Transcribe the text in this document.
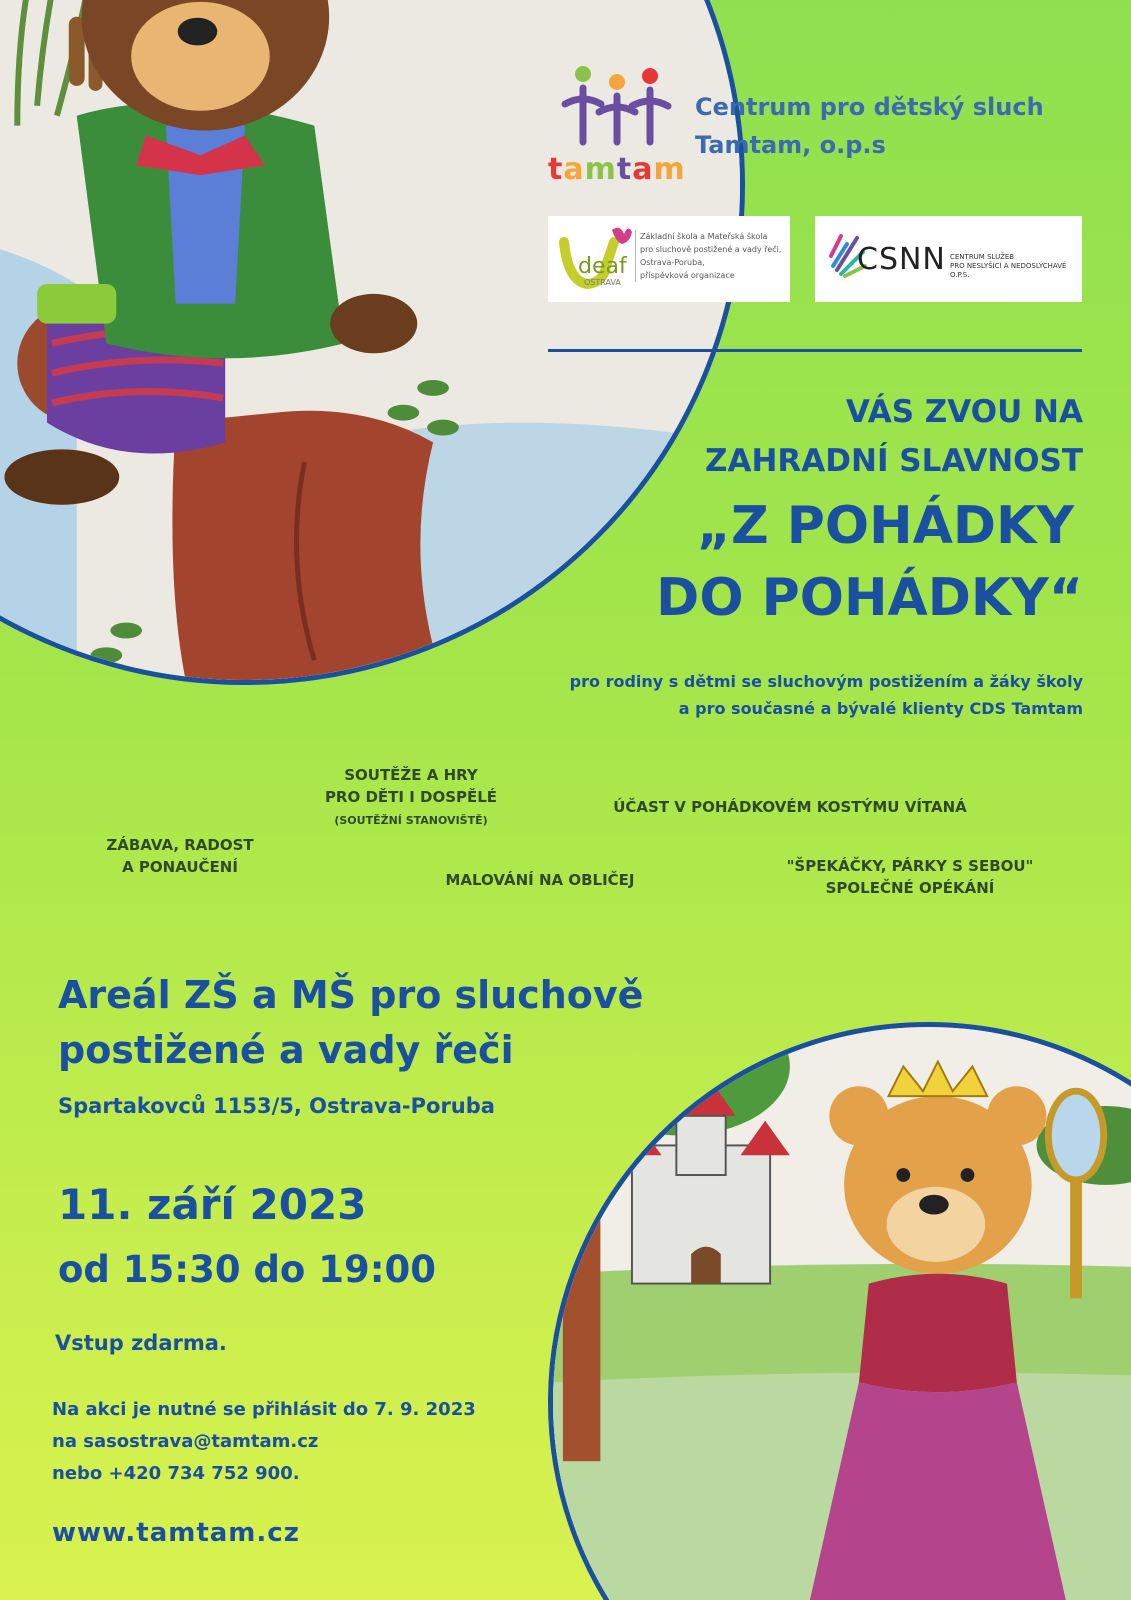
tamtam
Centrum pro dětský sluch
Tamtam, o.p.s
deaf
OSTRAVA
Základní škola a Mateřská škola
pro sluchově postižené a vady řeči,
Ostrava-Poruba,
příspěvková organizace	CSNN CENTRUM SLUŽEB
PRO NESLYŠÍCÍ A NEDOSLÝCHAVÉ
O.P.S.
VÁS ZVOU NA
ZAHRADNÍ SLAVNOST
„Z POHÁDKY
DO POHÁDKY“
pro rodiny s dětmi se sluchovým postižením a žáky školy
a pro současné a bývalé klienty CDS Tamtam
SOUTĚŽE A HRY
PRO DĚTI I DOSPĚLÉ
(SOUTĚŽNÍ STANOVIŠTĚ)
ÚČAST V POHÁDKOVÉM KOSTÝMU VÍTANÁ
ZÁBAVA, RADOST
A PONAUČENÍ
MALOVÁNÍ NA OBLIČEJ
"ŠPEKÁČKY, PÁRKY S SEBOU"
SPOLEČNÉ OPÉKÁNÍ
Areál ZŠ a MŠ pro sluchově
postižené a vady řeči
Spartakovců 1153/5, Ostrava-Poruba
11. září 2023
od 15:30 do 19:00
Vstup zdarma.
Na akci je nutné se přihlásit do 7. 9. 2023
na sasostrava@tamtam.cz
nebo +420 734 752 900.
www.tamtam.cz
